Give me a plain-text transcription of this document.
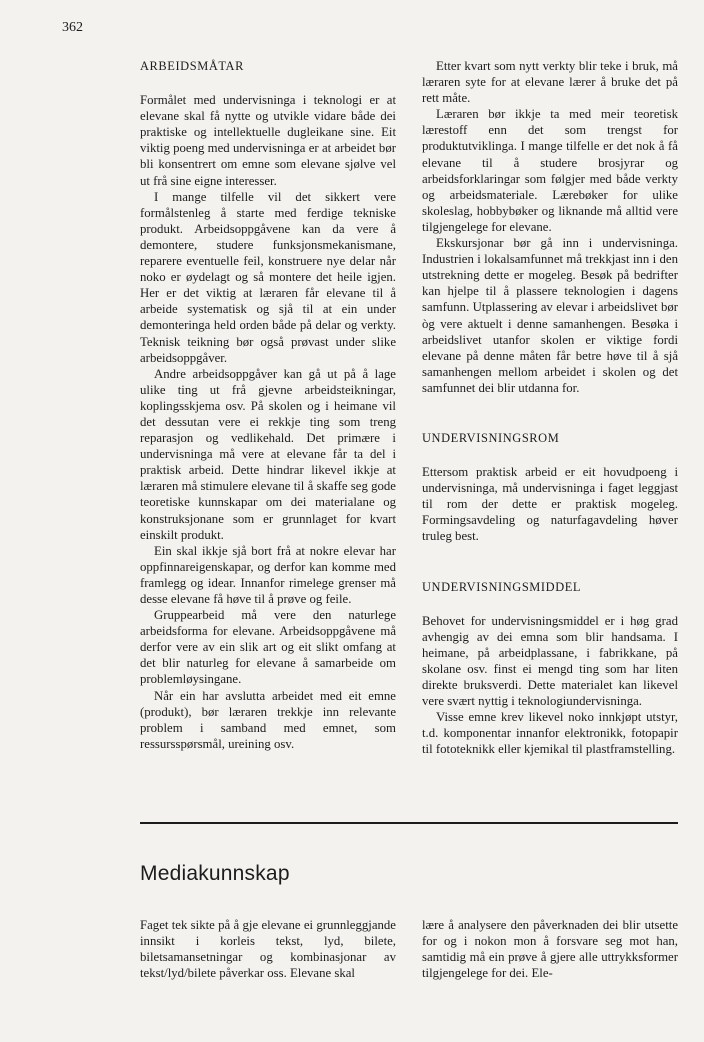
362
ARBEIDSMÅTAR

Formålet med undervisninga i teknologi er at elevane skal få nytte og utvikle vidare både dei praktiske og intellektuelle dugleikane sine. Eit viktig poeng med undervisninga er at arbeidet bør bli konsentrert om emne som elevane sjølve vel ut frå sine eigne interesser.

I mange tilfelle vil det sikkert vere formålstenleg å starte med ferdige tekniske produkt. Arbeidsoppgåvene kan da vere å demontere, studere funksjonsmekanismane, reparere eventuelle feil, konstruere nye delar når noko er øydelagt og så montere det heile igjen. Her er det viktig at læraren får elevane til å arbeide systematisk og sjå til at ein under demonteringa held orden både på delar og verkty. Teknisk teikning bør også prøvast under slike arbeidsoppgåver.

Andre arbeidsoppgåver kan gå ut på å lage ulike ting ut frå gjevne arbeidsteikningar, koplingsskjema osv. På skolen og i heimane vil det dessutan vere ei rekkje ting som treng reparasjon og vedlikehald. Det primære i undervisninga må vere at elevane får ta del i praktisk arbeid. Dette hindrar likevel ikkje at læraren må stimulere elevane til å skaffe seg gode teoretiske kunnskapar om dei materialane og konstruksjonane som er grunnlaget for kvart einskilt produkt.

Ein skal ikkje sjå bort frå at nokre elevar har oppfinnareigenskapar, og derfor kan komme med framlegg og idear. Innanfor rimelege grenser må desse elevane få høve til å prøve og feile.

Gruppearbeid må vere den naturlege arbeidsforma for elevane. Arbeidsoppgåvene må derfor vere av ein slik art og eit slikt omfang at det blir naturleg for elevane å samarbeide om problemløysingane.

Når ein har avslutta arbeidet med eit emne (produkt), bør læraren trekkje inn relevante problem i samband med emnet, som ressursspørsmål, ureining osv.

Etter kvart som nytt verkty blir teke i bruk, må læraren syte for at elevane lærer å bruke det på rett måte.

Læraren bør ikkje ta med meir teoretisk lærestoff enn det som trengst for produktutviklinga. I mange tilfelle er det nok å få elevane til å studere brosjyrar og arbeidsforklaringar som følgjer med både verkty og arbeidsmateriale. Lærebøker for ulike skoleslag, hobbybøker og liknande må alltid vere tilgjengelege for elevane.

Ekskursjonar bør gå inn i undervisninga. Industrien i lokalsamfunnet må trekkjast inn i den utstrekning dette er mogeleg. Besøk på bedrifter kan hjelpe til å plassere teknologien i dagens samfunn. Utplassering av elevar i arbeidslivet bør òg vere aktuelt i denne samanhengen. Besøka i arbeidslivet utanfor skolen er viktige fordi elevane på denne måten får betre høve til å sjå samanhengen mellom arbeidet i skolen og det samfunnet dei blir utdanna for.

UNDERVISNINGSROM

Ettersom praktisk arbeid er eit hovudpoeng i undervisninga, må undervisninga i faget leggjast til rom der dette er praktisk mogeleg. Formingsavdeling og naturfagavdeling høver truleg best.

UNDERVISNINGSMIDDEL

Behovet for undervisningsmiddel er i høg grad avhengig av dei emna som blir handsama. I heimane, på arbeidplassane, i fabrikkane, på skolane osv. finst ei mengd ting som har liten direkte bruksverdi. Dette materialet kan likevel vere svært nyttig i teknologiundervisninga.

Visse emne krev likevel noko innkjøpt utstyr, t.d. komponentar innanfor elektronikk, fotopapir til fototeknikk eller kjemikal til plastframstelling.

Mediakunnskap

Faget tek sikte på å gje elevane ei grunnleggjande innsikt i korleis tekst, lyd, bilete, biletsamansetningar og kombinasjonar av tekst/lyd/bilete påverkar oss. Elevane skal

lære å analysere den påverknaden dei blir utsette for og i nokon mon å forsvare seg mot han, samtidig må ein prøve å gjere alle uttrykksformer tilgjengelege for dei. Ele-
